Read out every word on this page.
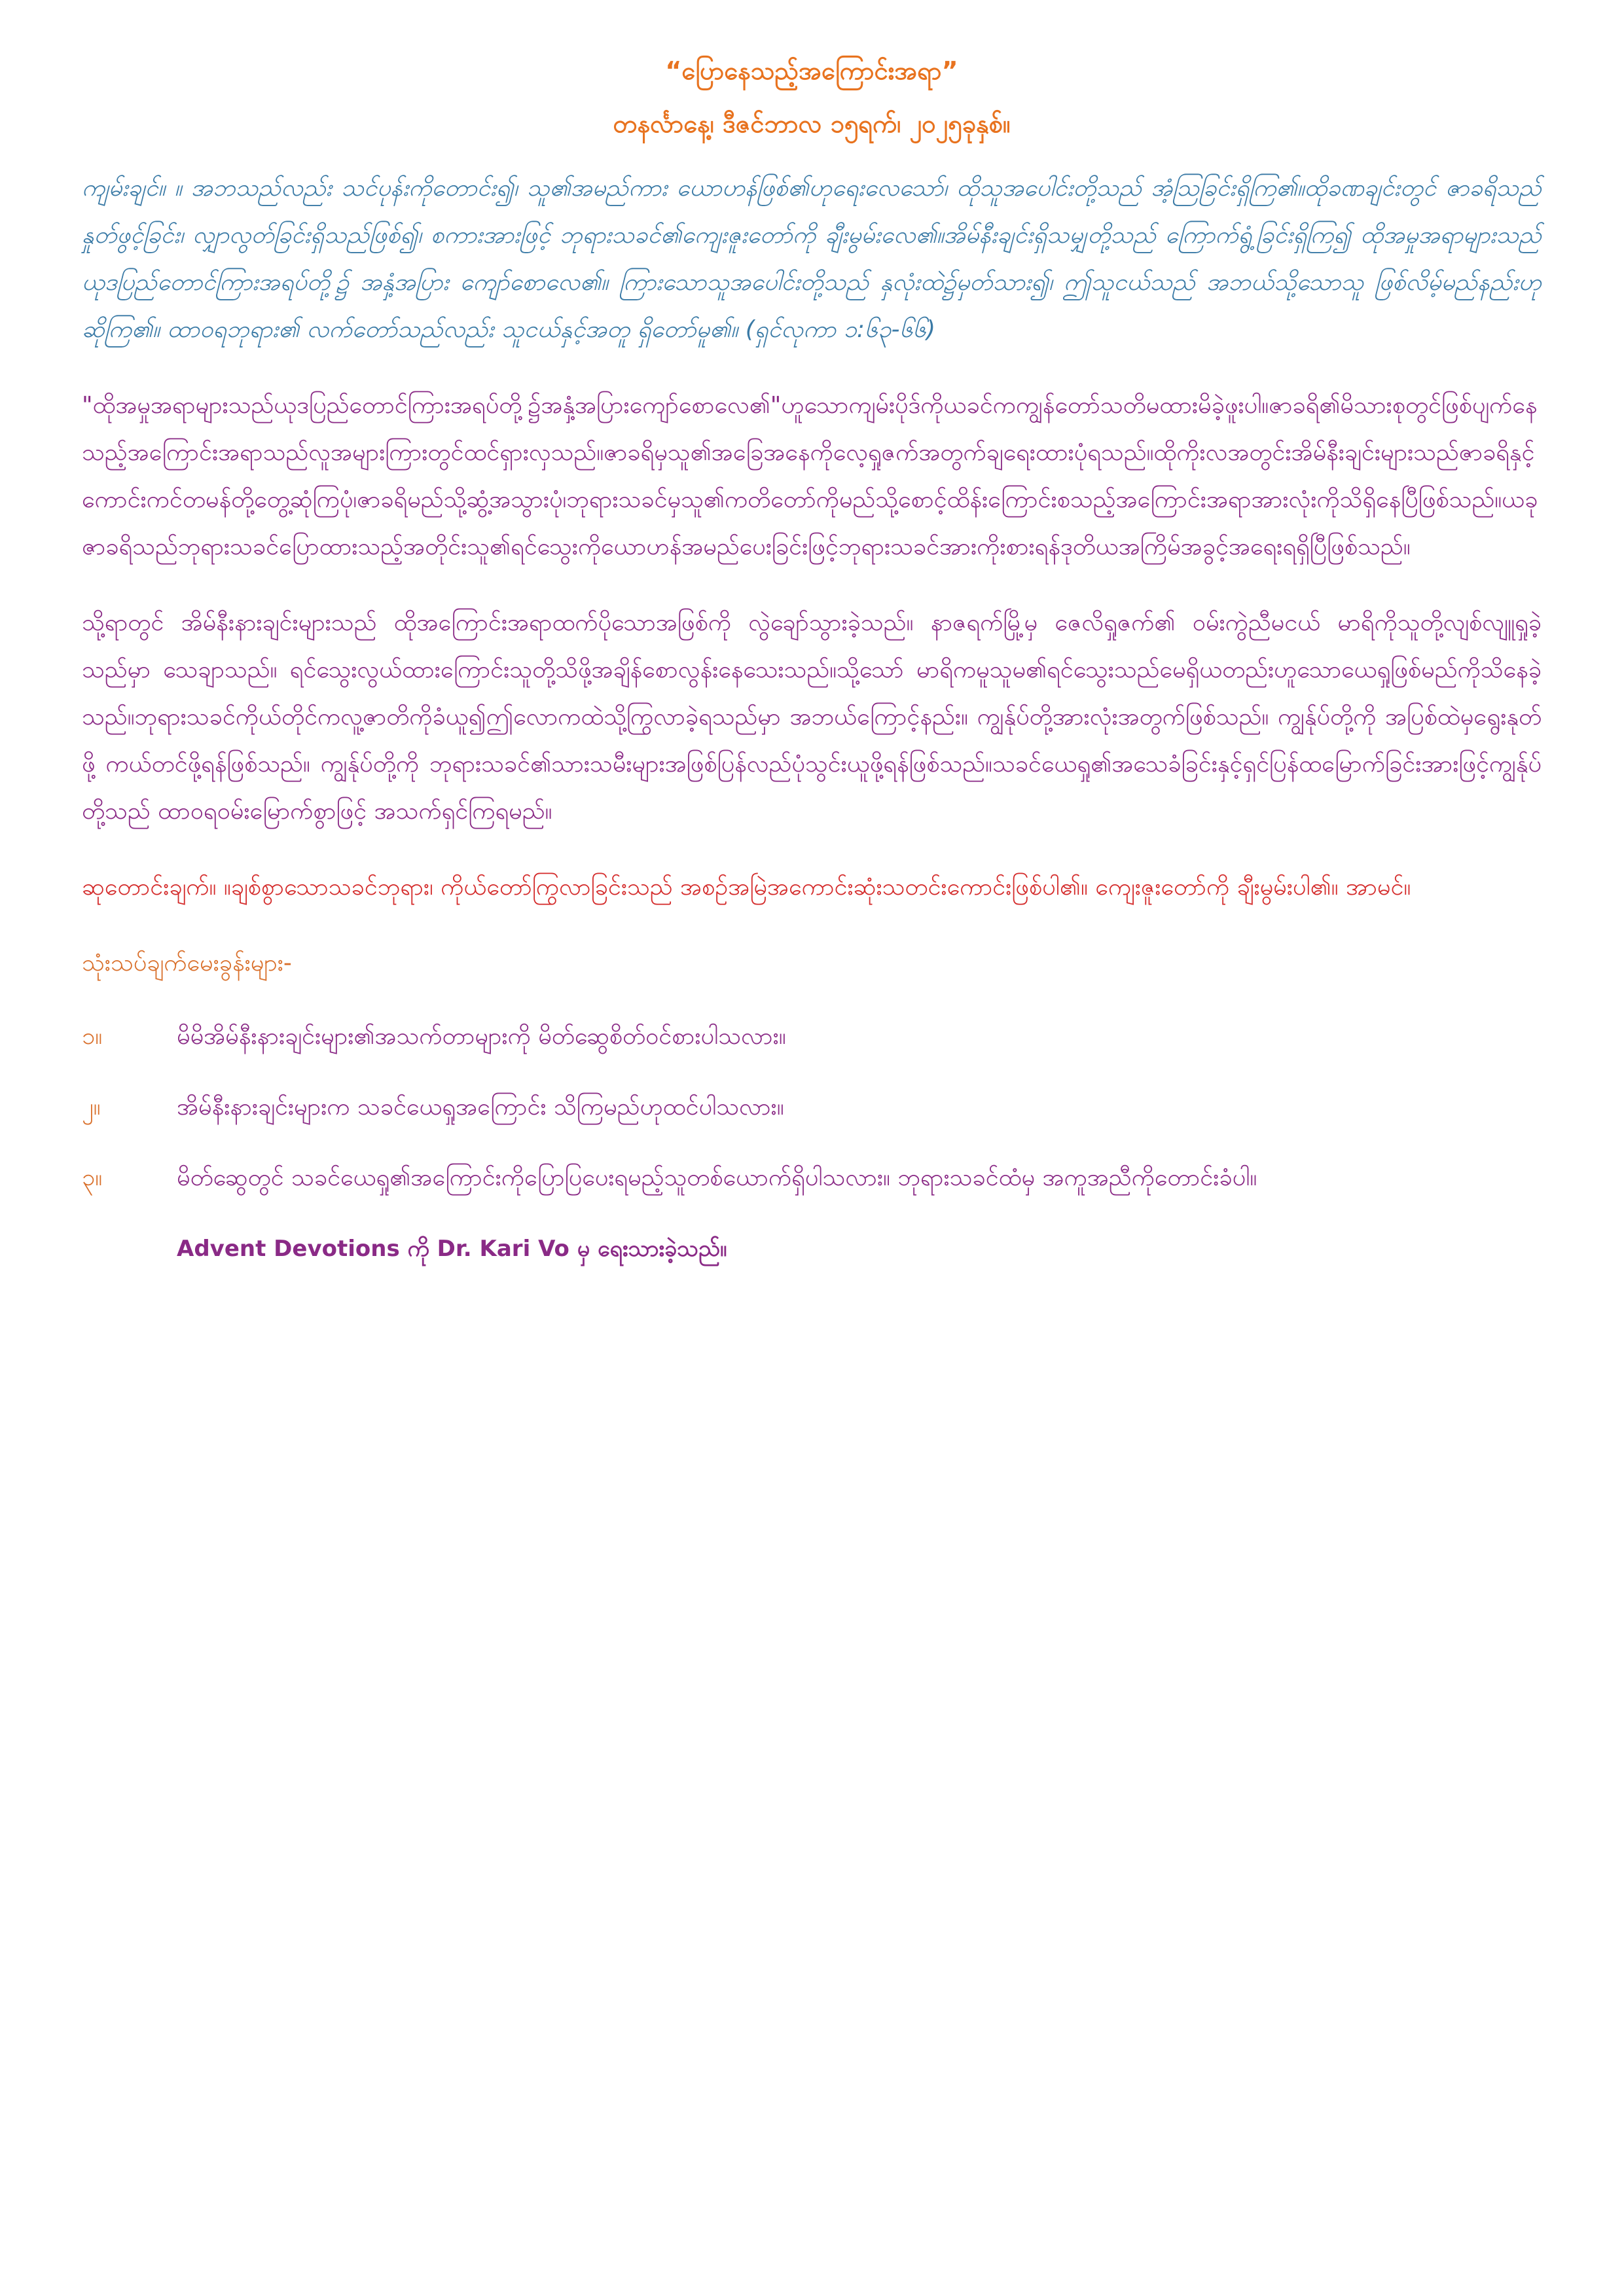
“ပြောနေသည့်အကြောင်းအရာ”
တနင်္လာနေ့၊ ဒီဇင်ဘာလ ၁၅ရက်၊ ၂၀၂၅ခုနှစ်။

ကျမ်းချင်။ ။ အဘသည်လည်း သင်ပုန်းကိုတောင်း၍၊ သူ၏အမည်ကား ယောဟန်ဖြစ်၏ဟုရေးလေသော်၊ ထိုသူအပေါင်းတို့သည် အံ့သြခြင်းရှိကြ၏။ထိုခဏချင်းတွင် ဇာခရိသည် နှုတ်ဖွင့်ခြင်း၊ လျှာလွတ်ခြင်းရှိသည်ဖြစ်၍၊ စကားအားဖြင့် ဘုရားသခင်၏ကျေးဇူးတော်ကို ချီးမွမ်းလေ၏။အိမ်နီးချင်းရှိသမျှတို့သည် ကြောက်ရွံ့ခြင်းရှိကြ၍ ထိုအမှုအရာများသည် ယုဒပြည်တောင်ကြားအရပ်တို့၌ အနှံ့အပြား ကျော်စောလေ၏။ ကြားသောသူအပေါင်းတို့သည် နှလုံးထဲ၌မှတ်သား၍၊ ဤသူငယ်သည် အဘယ်သို့သောသူ ဖြစ်လိမ့်မည်နည်းဟု ဆိုကြ၏။ ထာဝရဘုရား၏ လက်တော်သည်လည်း သူငယ်နှင့်အတူ ရှိတော်မူ၏။ (ရှင်လုကာ ၁:၆၃-၆၆)

"ထိုအမှုအရာများသည်ယုဒပြည်တောင်ကြားအရပ်တို့၌အနှံ့အပြားကျော်စောလေ၏"ဟူသောကျမ်းပိုဒ်ကိုယခင်ကကျွန်တော်သတိမထားမိခဲ့ဖူးပါ။ဇာခရိ၏မိသားစုတွင်ဖြစ်ပျက်နေသည့်အကြောင်းအရာသည်လူအများကြားတွင်ထင်ရှားလှသည်။ဇာခရိမှသူ၏အခြေအနေကိုလေ့ရှုဇက်အတွက်ချရေးထားပုံရသည်။ထိုကိုးလအတွင်းအိမ်နီးချင်းများသည်ဇာခရိနှင့်ကောင်းကင်တမန်တို့တွေ့ဆုံကြပုံ၊ဇာခရိမည်သို့ဆွံ့အသွားပုံ၊ဘုရားသခင်မှသူ၏ကတိတော်ကိုမည်သို့စောင့်ထိန်းကြောင်းစသည့်အကြောင်းအရာအားလုံးကိုသိရှိနေပြီဖြစ်သည်။ယခုဇာခရိသည်ဘုရားသခင်ပြောထားသည့်အတိုင်းသူ၏ရင်သွေးကိုယောဟန်အမည်ပေးခြင်းဖြင့်ဘုရားသခင်အားကိုးစားရန်ဒုတိယအကြိမ်အခွင့်အရေးရရှိပြီဖြစ်သည်။

သို့ရာတွင် အိမ်နီးနားချင်းများသည် ထိုအကြောင်းအရာထက်ပိုသောအဖြစ်ကို လွဲချော်သွားခဲ့သည်။ နာဇရက်မြို့မှ ဇေလိရှုဇက်၏ ဝမ်းကွဲညီမငယ် မာရိကိုသူတို့လျစ်လျူရှုခဲ့သည်မှာ သေချာသည်။ ရင်သွေးလွယ်ထားကြောင်းသူတို့သိဖို့အချိန်စောလွန်းနေသေးသည်။သို့သော် မာရိကမူသူမ၏ရင်သွေးသည်မေရှိယတည်းဟူသောယေရှုဖြစ်မည်ကိုသိနေခဲ့သည်။ဘုရားသခင်ကိုယ်တိုင်ကလူ့ဇာတိကိုခံယူ၍ဤလောကထဲသို့ကြွလာခဲ့ရသည်မှာ အဘယ်ကြောင့်နည်း။ ကျွန်ုပ်တို့အားလုံးအတွက်ဖြစ်သည်။ ကျွန်ုပ်တို့ကို အပြစ်ထဲမှရွေးနုတ်ဖို့ ကယ်တင်ဖို့ရန်ဖြစ်သည်။ ကျွန်ုပ်တို့ကို ဘုရားသခင်၏သားသမီးများအဖြစ်ပြန်လည်ပုံသွင်းယူဖို့ရန်ဖြစ်သည်။သခင်ယေရှု၏အသေခံခြင်းနှင့်ရှင်ပြန်ထမြောက်ခြင်းအားဖြင့်ကျွန်ုပ်တို့သည် ထာဝရဝမ်းမြောက်စွာဖြင့် အသက်ရှင်ကြရမည်။

ဆုတောင်းချက်။ ။ချစ်စွာသောသခင်ဘုရား၊ ကိုယ်တော်ကြွလာခြင်းသည် အစဉ်အမြဲအကောင်းဆုံးသတင်းကောင်းဖြစ်ပါ၏။ ကျေးဇူးတော်ကို ချီးမွမ်းပါ၏။ အာမင်။

သုံးသပ်ချက်မေးခွန်းများ-
၁။	မိမိအိမ်နီးနားချင်းများ၏အသက်တာများကို မိတ်ဆွေစိတ်ဝင်စားပါသလား။
၂။	အိမ်နီးနားချင်းများက သခင်ယေရှုအကြောင်း သိကြမည်ဟုထင်ပါသလား။
၃။	မိတ်ဆွေတွင် သခင်ယေရှု၏အကြောင်းကိုပြောပြပေးရမည့်သူတစ်ယောက်ရှိပါသလား။ ဘုရားသခင်ထံမှ အကူအညီကိုတောင်းခံပါ။
Advent Devotions ကို Dr. Kari Vo မှ ရေးသားခဲ့သည်။
